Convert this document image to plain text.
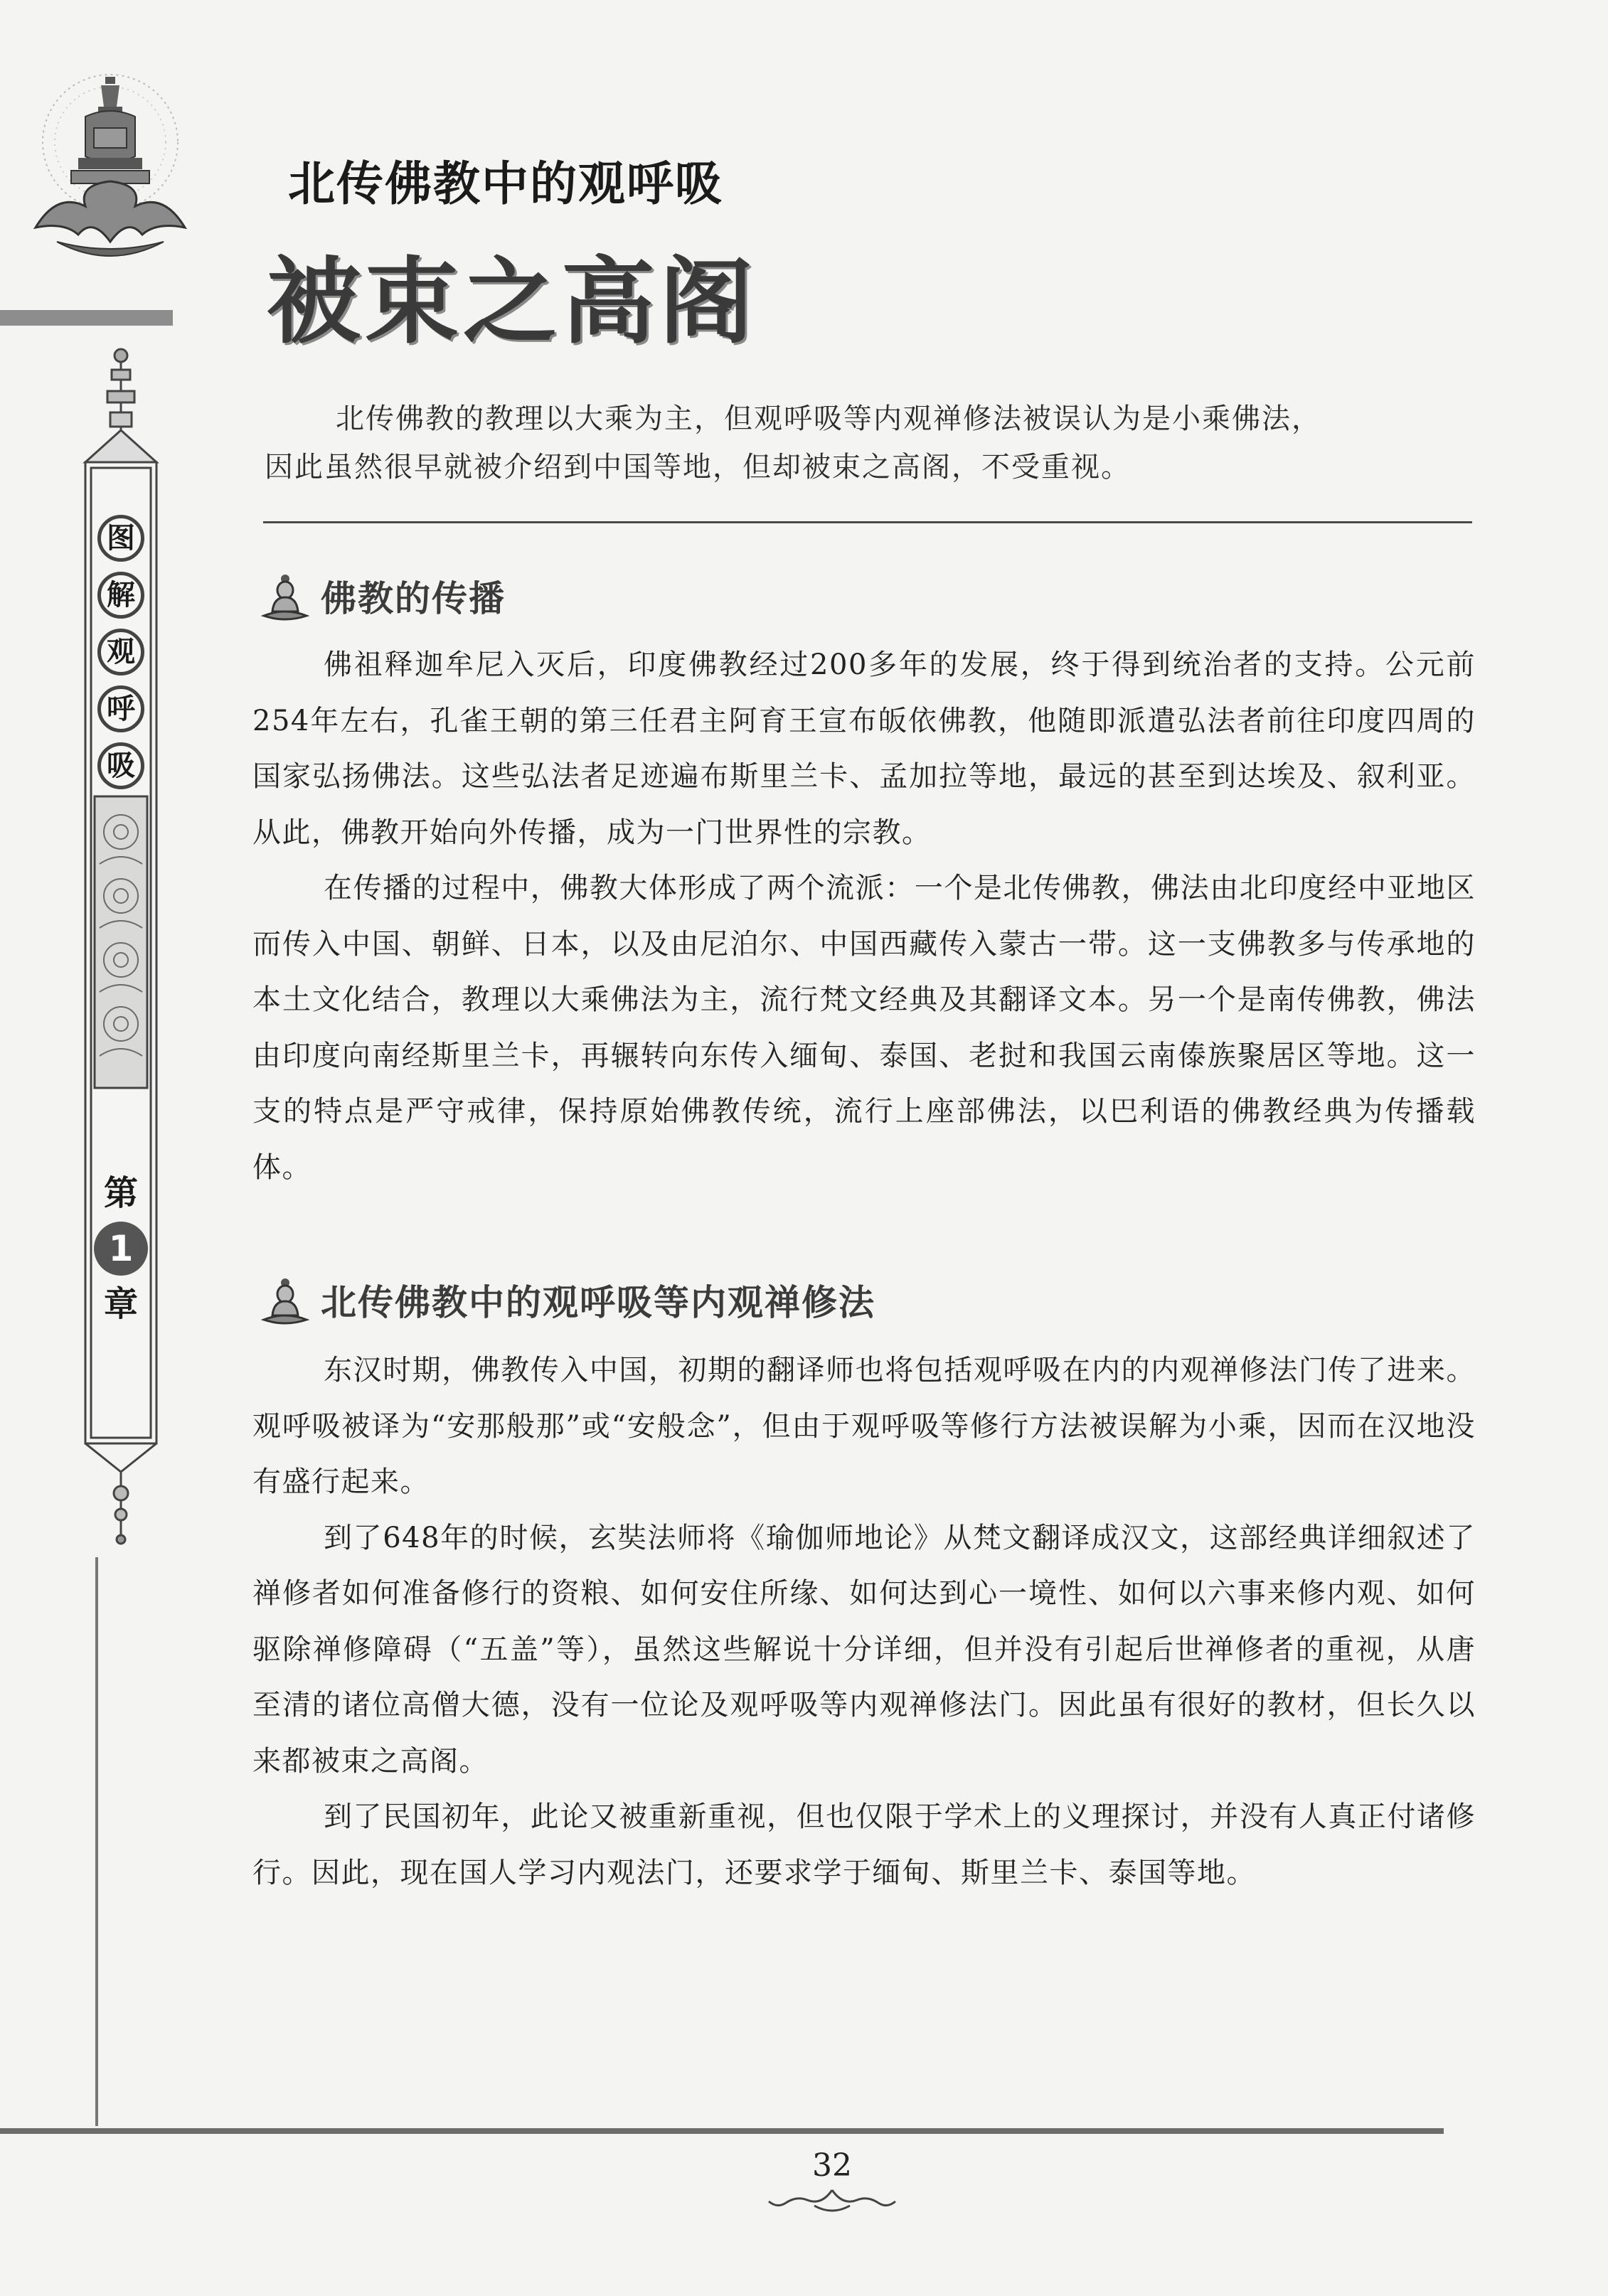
图
解
观
呼
吸
第
1
章
北传佛教中的观呼吸
被束之高阁

北传佛教的教理以大乘为主，但观呼吸等内观禅修法被误认为是小乘佛法，

因此虽然很早就被介绍到中国等地，但却被束之高阁，不受重视。

佛教的传播

佛祖释迦牟尼入灭后，印度佛教经过200多年的发展，终于得到统治者的支持。公元前254年左右，孔雀王朝的第三任君主阿育王宣布皈依佛教，他随即派遣弘法者前往印度四周的国家弘扬佛法。这些弘法者足迹遍布斯里兰卡、孟加拉等地，最远的甚至到达埃及、叙利亚。从此，佛教开始向外传播，成为一门世界性的宗教。

在传播的过程中，佛教大体形成了两个流派：一个是北传佛教，佛法由北印度经中亚地区而传入中国、朝鲜、日本，以及由尼泊尔、中国西藏传入蒙古一带。这一支佛教多与传承地的本土文化结合，教理以大乘佛法为主，流行梵文经典及其翻译文本。另一个是南传佛教，佛法由印度向南经斯里兰卡，再辗转向东传入缅甸、泰国、老挝和我国云南傣族聚居区等地。这一支的特点是严守戒律，保持原始佛教传统，流行上座部佛法，以巴利语的佛教经典为传播载体。

北传佛教中的观呼吸等内观禅修法

东汉时期，佛教传入中国，初期的翻译师也将包括观呼吸在内的内观禅修法门传了进来。观呼吸被译为“安那般那”或“安般念”，但由于观呼吸等修行方法被误解为小乘，因而在汉地没有盛行起来。

到了648年的时候，玄奘法师将《瑜伽师地论》从梵文翻译成汉文，这部经典详细叙述了禅修者如何准备修行的资粮、如何安住所缘、如何达到心一境性、如何以六事来修内观、如何驱除禅修障碍（“五盖”等），虽然这些解说十分详细，但并没有引起后世禅修者的重视，从唐至清的诸位高僧大德，没有一位论及观呼吸等内观禅修法门。因此虽有很好的教材，但长久以来都被束之高阁。

到了民国初年，此论又被重新重视，但也仅限于学术上的义理探讨，并没有人真正付诸修行。因此，现在国人学习内观法门，还要求学于缅甸、斯里兰卡、泰国等地。

32
